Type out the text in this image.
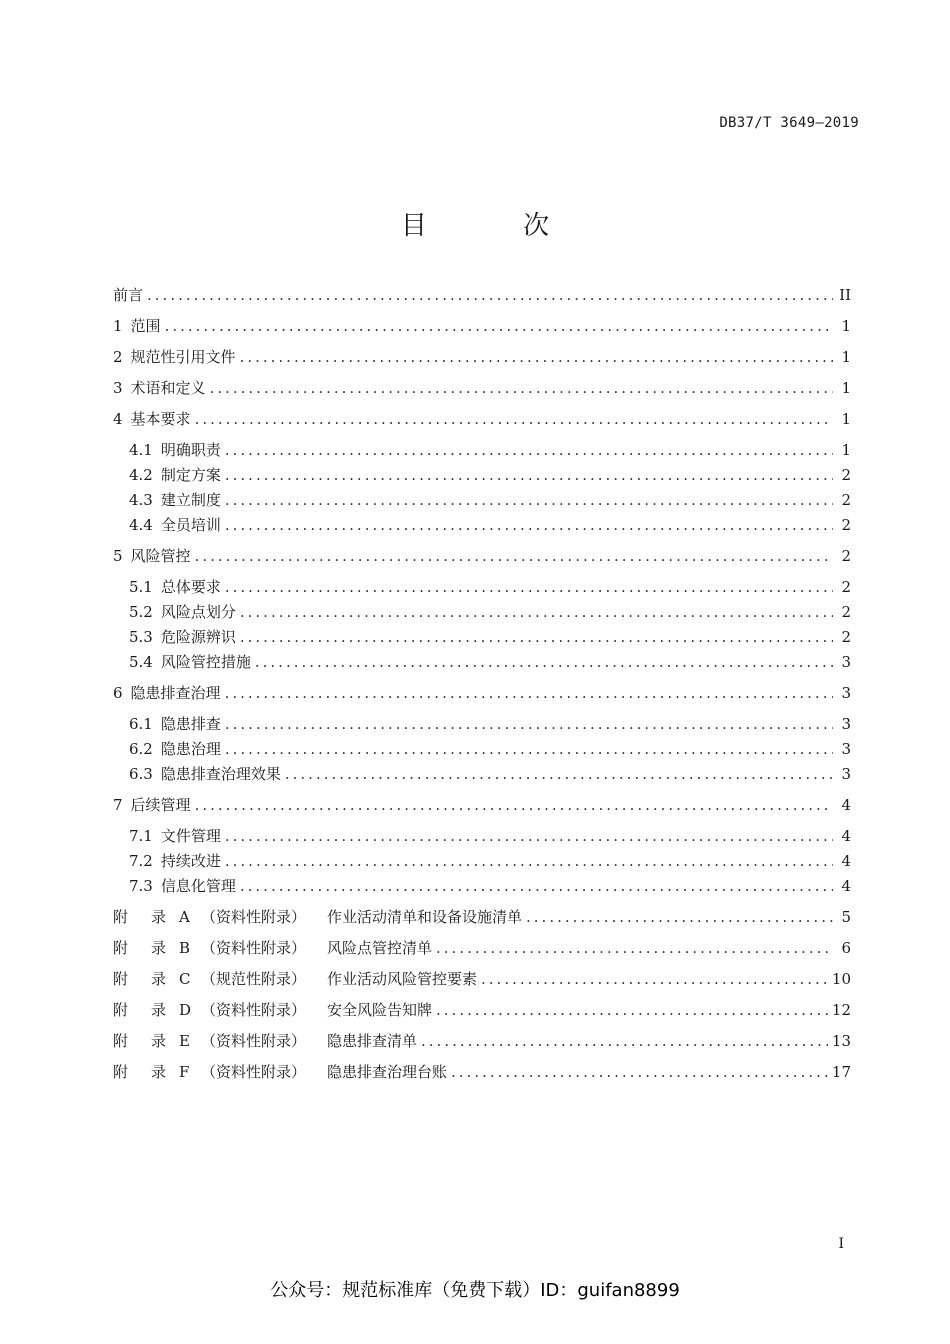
DB37/T 3649—2019
目 次
前言 .....	II
1 范围 .....	1
2 规范性引用文件 .....	1
3 术语和定义 .....	1
4 基本要求 .....	1
4.1 明确职责 .....	1
4.2 制定方案 .....	2
4.3 建立制度 .....	2
4.4 全员培训 .....	2
5 风险管控 .....	2
5.1 总体要求 .....	2
5.2 风险点划分 .....	2
5.3 危险源辨识 .....	2
5.4 风险管控措施 .....	3
6 隐患排查治理 .....	3
6.1 隐患排查 .....	3
6.2 隐患治理 .....	3
6.3 隐患排查治理效果 .....	3
7 后续管理 .....	4
7.1 文件管理 .....	4
7.2 持续改进 .....	4
7.3 信息化管理 .....	4
附 录 A （资料性附录） 作业活动清单和设备设施清单 .....	5
附 录 B （资料性附录） 风险点管控清单 .....	6
附 录 C （规范性附录） 作业活动风险管控要素 .....	10
附 录 D （资料性附录） 安全风险告知牌 .....	12
附 录 E （资料性附录） 隐患排查清单 .....	13
附 录 F （资料性附录） 隐患排查治理台账 .....	17
I
公众号：规范标准库（免费下载）ID：guifan8899
